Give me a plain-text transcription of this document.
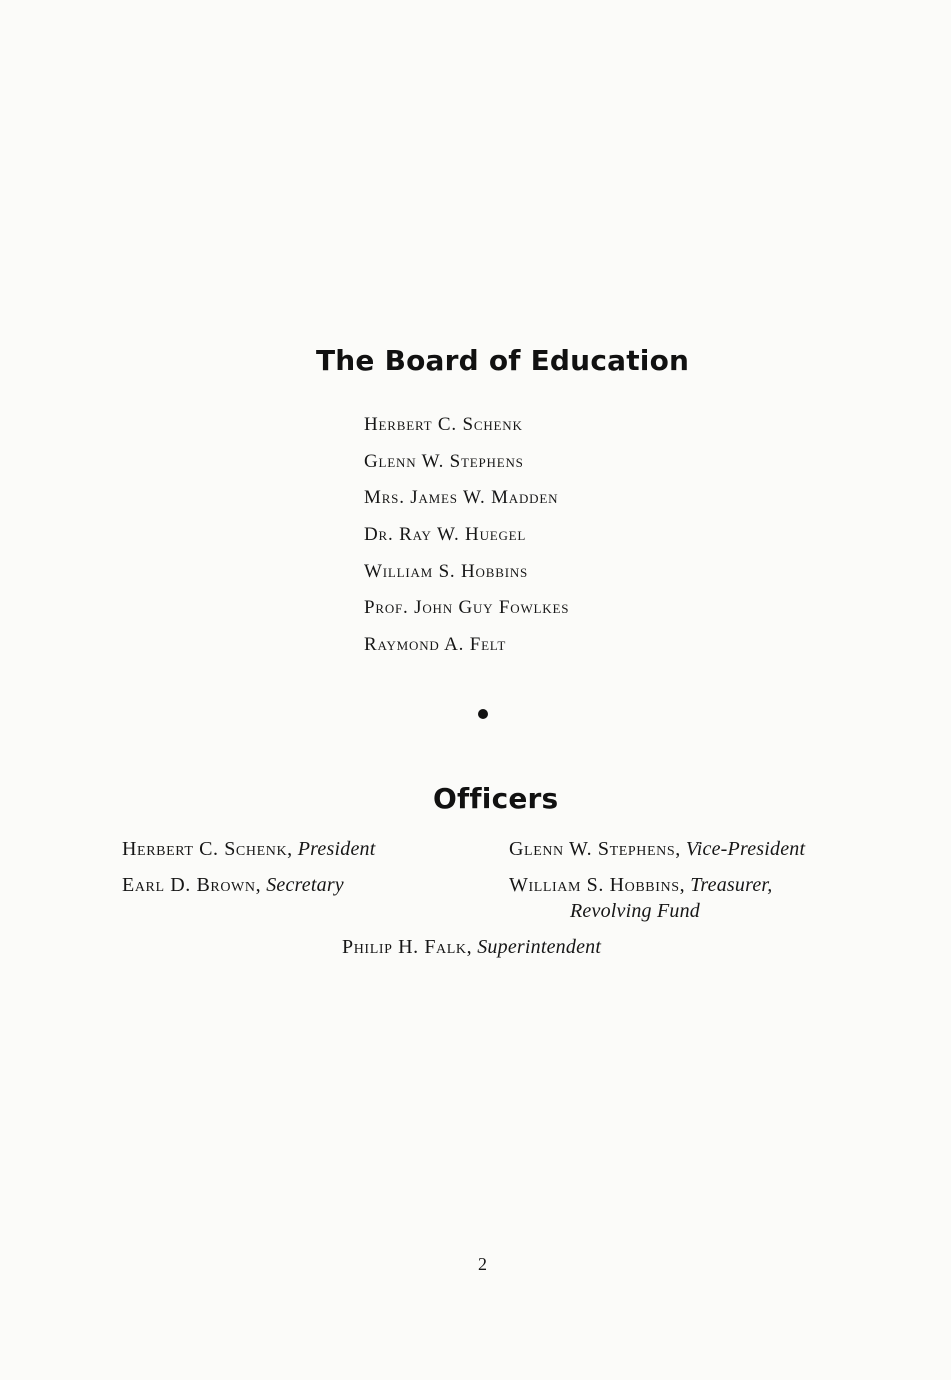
The Board of Education
Herbert C. Schenk
Glenn W. Stephens
Mrs. James W. Madden
Dr. Ray W. Huegel
William S. Hobbins
Prof. John Guy Fowlkes
Raymond A. Felt
Officers
Herbert C. Schenk, President	Glenn W. Stephens, Vice-President
Earl D. Brown, Secretary	William S. Hobbins, Treasurer,
Revolving Fund
Philip H. Falk, Superintendent
2
